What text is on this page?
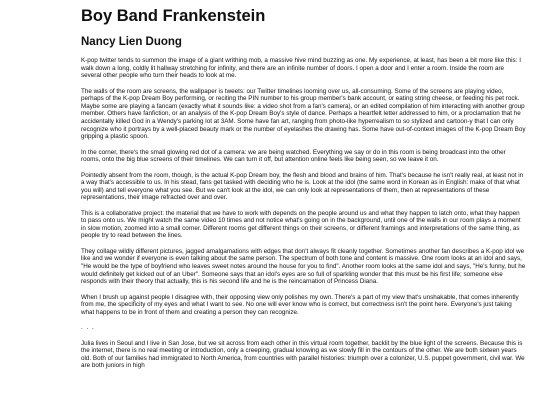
Boy Band Frankenstein
Nancy Lien Duong

K-pop twitter tends to summon the image of a giant writhing mob, a massive hive mind buzzing as one. My experience, at least, has been a bit more like this: I walk down a long, coldly lit hallway stretching for infinity, and there are an infinite number of doors. I open a door and I enter a room. Inside the room are several other people who turn their heads to look at me.

The walls of the room are screens, the wallpaper is tweets: our Twitter timelines looming over us, all-consuming. Some of the screens are playing video, perhaps of the K-pop Dream Boy performing, or reciting the PIN number to his group member's bank account, or eating string cheese, or feeding his pet rock. Maybe some are playing a fancam (exactly what it sounds like: a video shot from a fan's camera), or an edited compilation of him interacting with another group member. Others have fanfiction, or an analysis of the K-pop Dream Boy's style of dance. Perhaps a heartfelt letter addressed to him, or a proclamation that he accidentally killed God in a Wendy's parking lot at 3AM. Some have fan art, ranging from photo-like hyperrealism to so stylized and cartoon-y that I can only recognize who it portrays by a well-placed beauty mark or the number of eyelashes the drawing has. Some have out-of-context images of the K-pop Dream Boy gripping a plastic spoon.

In the corner, there's the small glowing red dot of a camera: we are being watched. Everything we say or do in this room is being broadcast into the other rooms, onto the big blue screens of their timelines. We can turn it off, but attention online feels like being seen, so we leave it on.

Pointedly absent from the room, though, is the actual K-pop Dream boy, the flesh and blood and brains of him. That's because he isn't really real, at least not in a way that's accessible to us. In his stead, fans get tasked with deciding who he is. Look at the idol (the same word in Korean as in English: make of that what you will) and tell everyone what you see. But we can't look at the idol, we can only look at representations of them, then at representations of these representations, their image refracted over and over.

This is a collaborative project: the material that we have to work with depends on the people around us and what they happen to latch onto, what they happen to pass onto us. We might watch the same video 10 times and not notice what's going on in the background, until one of the walls in our room plays a moment in slow motion, zoomed into a small corner. Different rooms get different things on their screens, or different framings and interpretations of the same thing, as people try to read between the lines.

They collage wildly different pictures, jagged amalgamations with edges that don't always fit cleanly together. Sometimes another fan describes a K-pop idol we like and we wonder if everyone is even talking about the same person. The spectrum of both tone and content is massive. One room looks at an idol and says, "He would be the type of boyfriend who leaves sweet notes around the house for you to find". Another room looks at the same idol and says, "He's funny, but he would definitely get kicked out of an Uber". Someone says that an idol's eyes are so full of sparkling wonder that this must be his first life; someone else responds with their theory that actually, this is his second life and he is the reincarnation of Princess Diana.

When I brush up against people I disagree with, their opposing view only polishes my own. There's a part of my view that's unshakable, that comes inherently from me, the specificity of my eyes and what I want to see. No one will ever know who is correct, but correctness isn't the point here. Everyone's just taking what happens to be in front of them and creating a person they can recognize.

. . .

Julia lives in Seoul and I live in San Jose, but we sit across from each other in this virtual room together, backlit by the blue light of the screens. Because this is the internet, there is no real meeting or introduction, only a creeping, gradual knowing as we slowly fill in the contours of the other. We are both sixteen years old. Both of our families had immigrated to North America, from countries with parallel histories: triumph over a colonizer, U.S. puppet government, civil war. We are both juniors in high
